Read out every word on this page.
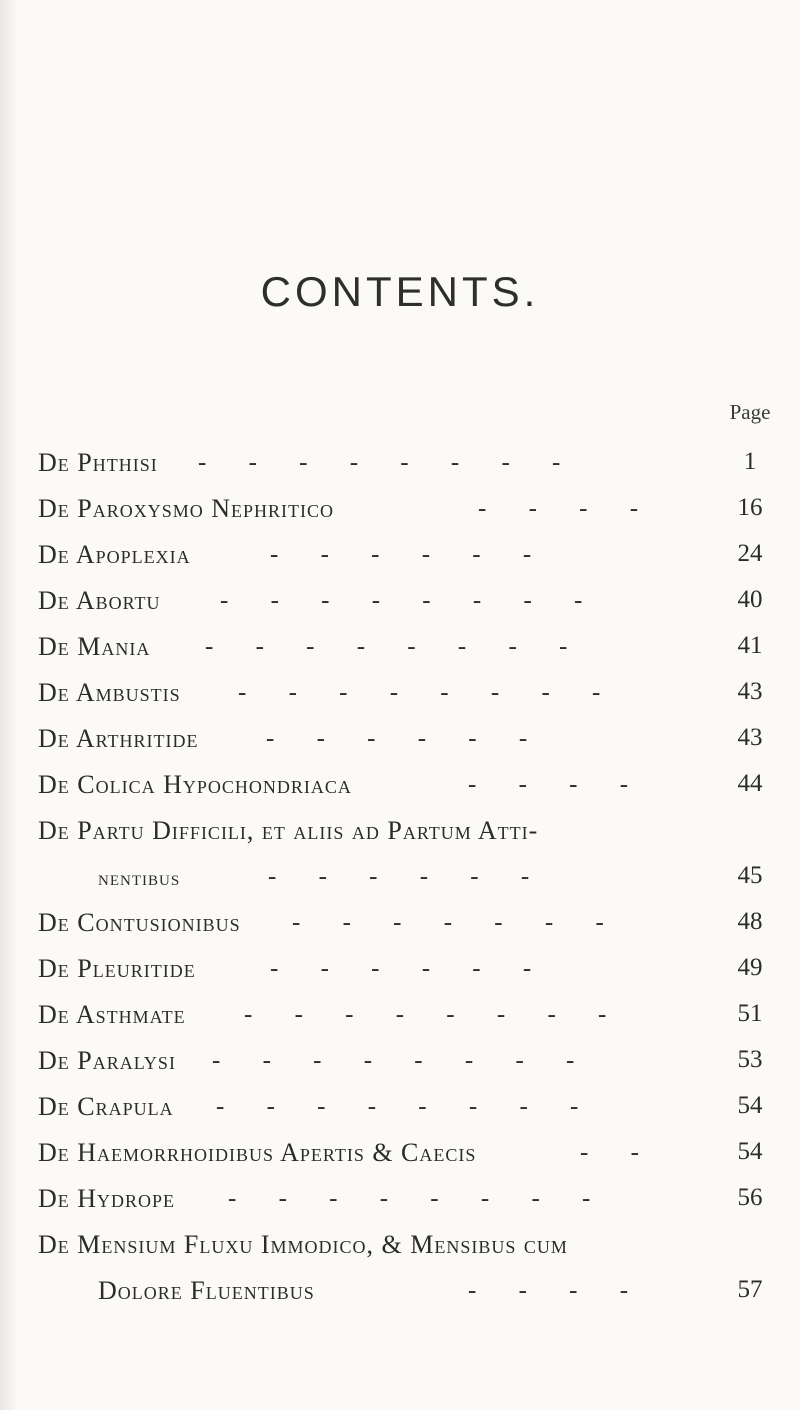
CONTENTS.
Page
De Phthisi - - - - - - - -	1
De Paroxysmo Nephritico	- - - -	16
De Apoplexia	- - - - - -	24
De Abortu - - - - - - - -	40
De Mania - - - - - - - -	41
De Ambustis - - - - - - - -	43
De Arthritide	- - - - - -	43
De Colica Hypochondriaca	- - - -	44
De Partu Difficili, et aliis ad Partum Atti-
nentibus	- - - - - -	45
De Contusionibus - - - - - - -	48
De Pleuritide	- - - - - -	49
De Asthmate - - - - - - - -	51
De Paralysi - - - - - - - -	53
De Crapula - - - - - - - -	54
De Haemorrhoidibus Apertis & Caecis	- -	54
De Hydrope - - - - - - - -	56
De Mensium Fluxu Immodico, & Mensibus cum
Dolore Fluentibus	- - - -	57
